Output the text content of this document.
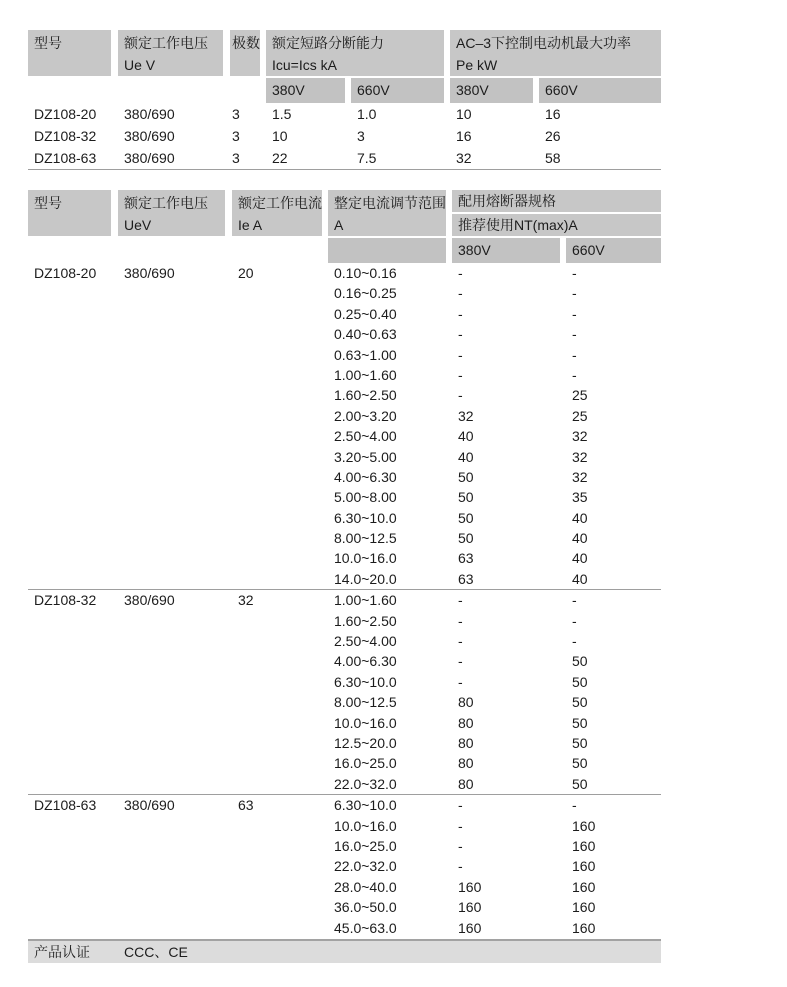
型号	额定工作电压
Ue V
极数 额定短路分断能力
Icu=Ics kA
AC–3下控制电动机最大功率
Pe kW
380V	660V	380V	660V
DZ108-20	380/690	3	1.5	1.0	10	16
DZ108-32	380/690	3	10	3	16	26
DZ108-63	380/690	3	22	7.5	32	58
型号	额定工作电压
UeV
额定工作电流
Ie A
整定电流调节范围
A
配用熔断器规格
推荐使用NT(max)A
380V	660V
DZ108-20	380/690	20	0.10~0.16	-	-
0.16~0.25	-	-
0.25~0.40	-	-
0.40~0.63	-	-
0.63~1.00	-	-
1.00~1.60	-	-
1.60~2.50	-	25
2.00~3.20	32	25
2.50~4.00	40	32
3.20~5.00	40	32
4.00~6.30	50	32
5.00~8.00	50	35
6.30~10.0	50	40
8.00~12.5	50	40
10.0~16.0	63	40
14.0~20.0	63	40
DZ108-32	380/690	32	1.00~1.60	-	-
1.60~2.50	-	-
2.50~4.00	-	-
4.00~6.30	-	50
6.30~10.0	-	50
8.00~12.5	80	50
10.0~16.0	80	50
12.5~20.0	80	50
16.0~25.0	80	50
22.0~32.0	80	50
DZ108-63	380/690	63	6.30~10.0	-	-
10.0~16.0	-	160
16.0~25.0	-	160
22.0~32.0	-	160
28.0~40.0	160	160
36.0~50.0	160	160
45.0~63.0	160	160
产品认证	CCC、CE
